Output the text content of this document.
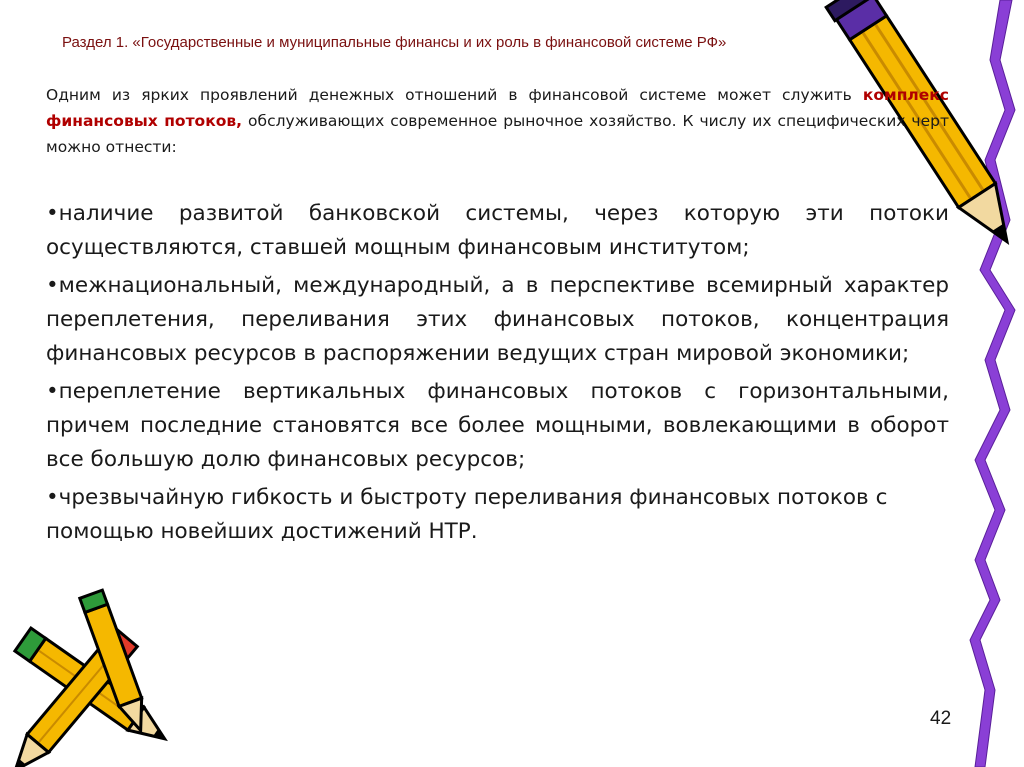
Раздел 1. «Государственные и муниципальные финансы и их роль в финансовой системе РФ»

Одним из ярких проявлений денежных отношений в финансовой системе может служить комплекс финансовых потоков, обслуживающих современное рыночное хозяйство. К числу их специфических черт можно отнести:

•наличие развитой банковской системы, через которую эти потоки осуществляются, ставшей мощным финансовым институтом;
•межнациональный, международный, а в перспективе всемирный характер переплетения, переливания этих финансовых потоков, концентрация финансовых ресурсов в распоряжении ведущих стран мировой экономики;
•переплетение вертикальных финансовых потоков с горизонтальными, причем последние становятся все более мощными, вовлекающими в оборот все большую долю финансовых ресурсов;
•чрезвычайную гибкость и быстроту переливания финансовых потоков с помощью новейших достижений НТР.
42
